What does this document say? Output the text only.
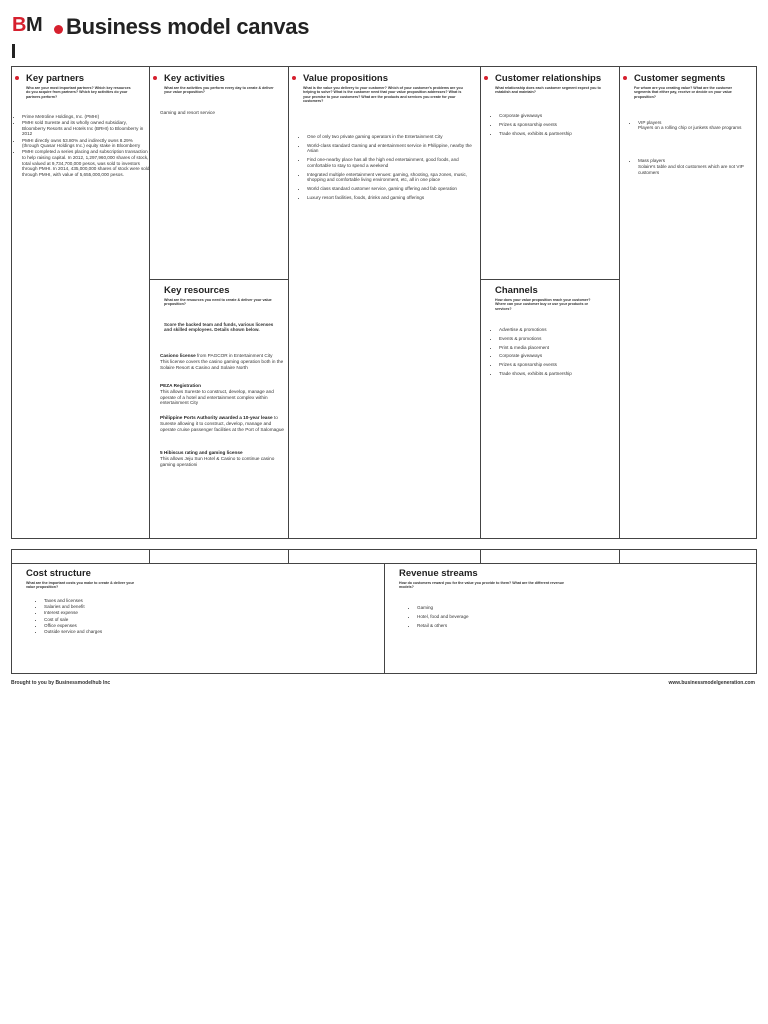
BM Business model canvas
Key partners
Who are your most important partners? Which key resources do you acquire from partners? Which key activities do your partners perform?
• Prime Metroline Holdings, Inc. (PMHI)
• PMHI sold Sureste and its wholly owned subsidiary, Bloomberry Resorts and Hotels Inc (BRHI) to Bloomberry in 2012
• PMHI directly owns 53.80% and indirectly owns 8.29% (through Quasar Holdings Inc.) equity stake in Bloomberry
• PMHI completed a series placing and subscription transaction to help raising capital. In 2012, 1,297,960,000 shares of stock, total valued at 9,734,700,000 pesos, was sold to investors through PMHI. In 2014, 435,000,000 shares of stock were sold through PMHI, with value of 5,655,000,000 pesos.
Key activities
What are the activities you perform every day to create & deliver your value proposition?
Gaming and resort service
Key resources
What are the resources you need to create & deliver your value proposition?
Score the backed team and funds, various licenses and skilled employees. Details shown below.
Casiono license from PAGCOR in Entertainment City
This license covers the casino gaming operation both in the Solaire Resort & Casino and Solaire North
PEZA Registration
This allows Sureste to construct, develop, manage and operate of a hotel and entertainment complex within entertainment City
Philippine Ports Authority awarded a 10-year lease to Sureste allowing it to construct, develop, manage and operate cruise passenger facilities at the Port of Salomague
5 Hibiscus rating and gaming license
This allows Jeju Sun Hotel & Casino to continue casino gaming operationi
Value propositions
What is the value you delivery to your customer? Which of your customer's problems are you helping to solve? What is the customer need that your value proposition addresses? What is your promise to your customers? What are the products and services you create for your customers?
• One of only two private gaming operators in the Entertainment City
• World-class standard Gaming and entertainment service in Philippine, nearby the Asian
• Find one-nearby place has all the high end entertainment, good foods, and comfortable to stay to spend a weekend
• Integrated multiple entertainment venues: gaming, shooting, spa zones, music, shopping and comfortable living environment, etc, all in one place
• World class standard customer service, gaming offering and fab operation
• Luxury resort facilities, foods, drinks and gaming offerings
Customer relationships
What relationship does each customer segment expect you to establish and maintain?
• Corporate giveaways
• Prizes & sponsorship events
• Trade shows, exhibits & partnership
Channels
How does your value proposition reach your customer? Where can your customer buy or use your products or services?
• Advertise & promotions
• Events & promotions
• Print & media placement
• Corporate giveaways
• Prizes & sponsorship events
• Trade shows, exhibits & partnership
Customer segments
For whom are you creating value? What are the customer segments that either pay, receive or decide on your value proposition?

• VIP players
Players on a rolling chip or junkets share programs

• Mass players
Solaire's table and slot customers which are not VIP customers

Cost structure
What are the important costs you make to create & deliver your value proposition?
• Taxes and licenses
• Salaries and benefit
• Interest expense
• Cost of sale
• Office expenses
• Outside service and charges
Revenue streams
How do customers reward you for the value you provide to them? What are the different revenue models?
• Gaming
• Hotel, food and beverage
• Retail & others
Brought to you by Businessmodelhub Inc	www.businessmodelgeneration.com
